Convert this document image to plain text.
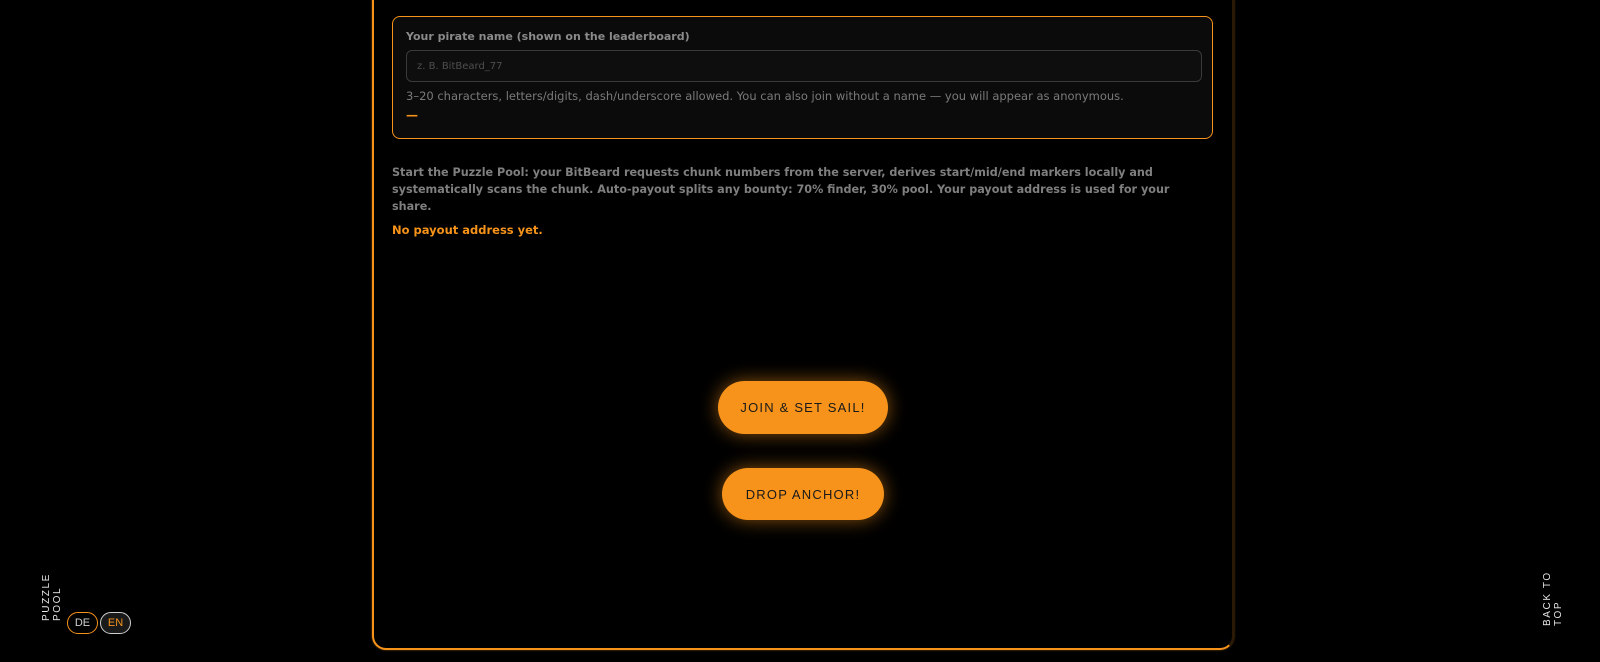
Your pirate name (shown on the leaderboard)
z. B. BitBeard_77
3–20 characters, letters/digits, dash/underscore allowed. You can also join without a name — you will appear as anonymous.
—
Start the Puzzle Pool: your BitBeard requests chunk numbers from the server, derives start/mid/end markers locally and systematically scans the chunk. Auto-payout splits any bounty: 70% finder, 30% pool. Your payout address is used for your share.
No payout address yet.
JOIN & SET SAIL!
DROP ANCHOR!
PUZZLE POOL	BACK TO TOP
DE	EN
